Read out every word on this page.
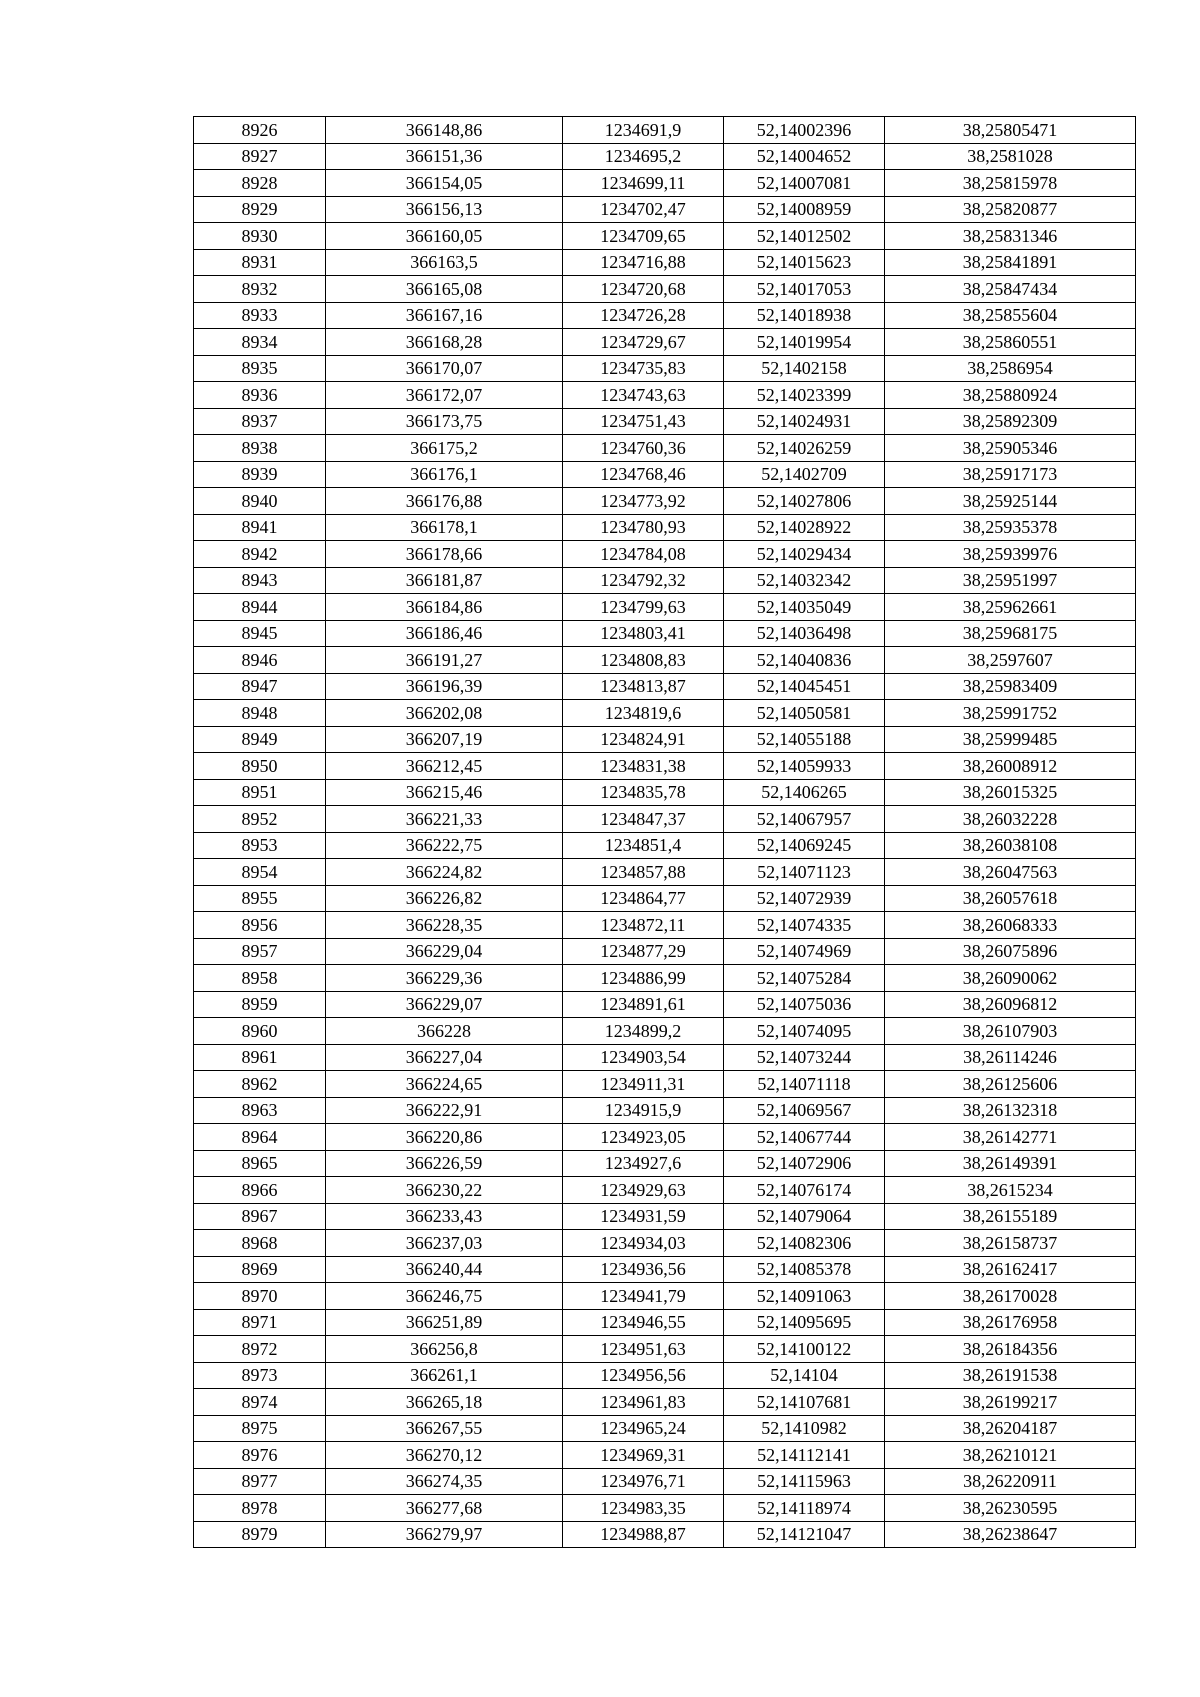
8926	366148,86	1234691,9	52,14002396	38,25805471
8927	366151,36	1234695,2	52,14004652	38,2581028
8928	366154,05	1234699,11	52,14007081	38,25815978
8929	366156,13	1234702,47	52,14008959	38,25820877
8930	366160,05	1234709,65	52,14012502	38,25831346
8931	366163,5	1234716,88	52,14015623	38,25841891
8932	366165,08	1234720,68	52,14017053	38,25847434
8933	366167,16	1234726,28	52,14018938	38,25855604
8934	366168,28	1234729,67	52,14019954	38,25860551
8935	366170,07	1234735,83	52,1402158	38,2586954
8936	366172,07	1234743,63	52,14023399	38,25880924
8937	366173,75	1234751,43	52,14024931	38,25892309
8938	366175,2	1234760,36	52,14026259	38,25905346
8939	366176,1	1234768,46	52,1402709	38,25917173
8940	366176,88	1234773,92	52,14027806	38,25925144
8941	366178,1	1234780,93	52,14028922	38,25935378
8942	366178,66	1234784,08	52,14029434	38,25939976
8943	366181,87	1234792,32	52,14032342	38,25951997
8944	366184,86	1234799,63	52,14035049	38,25962661
8945	366186,46	1234803,41	52,14036498	38,25968175
8946	366191,27	1234808,83	52,14040836	38,2597607
8947	366196,39	1234813,87	52,14045451	38,25983409
8948	366202,08	1234819,6	52,14050581	38,25991752
8949	366207,19	1234824,91	52,14055188	38,25999485
8950	366212,45	1234831,38	52,14059933	38,26008912
8951	366215,46	1234835,78	52,1406265	38,26015325
8952	366221,33	1234847,37	52,14067957	38,26032228
8953	366222,75	1234851,4	52,14069245	38,26038108
8954	366224,82	1234857,88	52,14071123	38,26047563
8955	366226,82	1234864,77	52,14072939	38,26057618
8956	366228,35	1234872,11	52,14074335	38,26068333
8957	366229,04	1234877,29	52,14074969	38,26075896
8958	366229,36	1234886,99	52,14075284	38,26090062
8959	366229,07	1234891,61	52,14075036	38,26096812
8960	366228	1234899,2	52,14074095	38,26107903
8961	366227,04	1234903,54	52,14073244	38,26114246
8962	366224,65	1234911,31	52,14071118	38,26125606
8963	366222,91	1234915,9	52,14069567	38,26132318
8964	366220,86	1234923,05	52,14067744	38,26142771
8965	366226,59	1234927,6	52,14072906	38,26149391
8966	366230,22	1234929,63	52,14076174	38,2615234
8967	366233,43	1234931,59	52,14079064	38,26155189
8968	366237,03	1234934,03	52,14082306	38,26158737
8969	366240,44	1234936,56	52,14085378	38,26162417
8970	366246,75	1234941,79	52,14091063	38,26170028
8971	366251,89	1234946,55	52,14095695	38,26176958
8972	366256,8	1234951,63	52,14100122	38,26184356
8973	366261,1	1234956,56	52,14104	38,26191538
8974	366265,18	1234961,83	52,14107681	38,26199217
8975	366267,55	1234965,24	52,1410982	38,26204187
8976	366270,12	1234969,31	52,14112141	38,26210121
8977	366274,35	1234976,71	52,14115963	38,26220911
8978	366277,68	1234983,35	52,14118974	38,26230595
8979	366279,97	1234988,87	52,14121047	38,26238647
